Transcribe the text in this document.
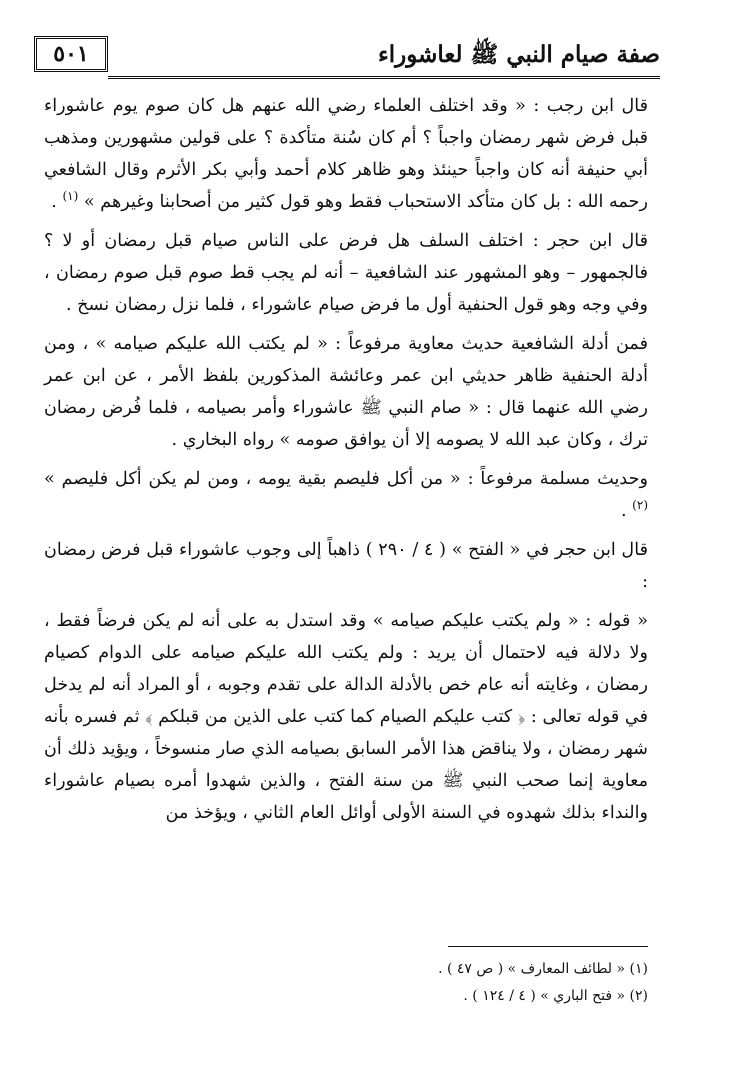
٥٠١	صفة صيام النبي ﷺ لعاشوراء

قال ابن رجب : « وقد اختلف العلماء رضي الله عنهم هل كان صوم يوم عاشوراء قبل فرض شهر رمضان واجباً ؟ أم كان سُنة متأكدة ؟ على قولين مشهورين ومذهب أبي حنيفة أنه كان واجباً حينئذ وهو ظاهر كلام أحمد وأبي بكر الأثرم وقال الشافعي رحمه الله : بل كان متأكد الاستحباب فقط وهو قول كثير من أصحابنا وغيرهم » $^{(١)}$ .

قال ابن حجر : اختلف السلف هل فرض على الناس صيام قبل رمضان أو لا ؟ فالجمهور – وهو المشهور عند الشافعية – أنه لم يجب قط صوم قبل صوم رمضان ، وفي وجه وهو قول الحنفية أول ما فرض صيام عاشوراء ، فلما نزل رمضان نسخ .

فمن أدلة الشافعية حديث معاوية مرفوعاً : « لم يكتب الله عليكم صيامه » ، ومن أدلة الحنفية ظاهر حديثي ابن عمر وعائشة المذكورين بلفظ الأمر ، عن ابن عمر رضي الله عنهما قال : « صام النبي ﷺ عاشوراء وأمر بصيامه ، فلما فُرض رمضان ترك ، وكان عبد الله لا يصومه إلا أن يوافق صومه » رواه البخاري .

وحديث مسلمة مرفوعاً : « من أكل فليصم بقية يومه ، ومن لم يكن أكل فليصم » $^{(٢)}$ .

قال ابن حجر في « الفتح » ( ٤ / ٢٩٠ ) ذاهباً إلى وجوب عاشوراء قبل فرض رمضان :

« قوله : « ولم يكتب عليكم صيامه » وقد استدل به على أنه لم يكن فرضاً فقط ، ولا دلالة فيه لاحتمال أن يريد : ولم يكتب الله عليكم صيامه على الدوام كصيام رمضان ، وغايته أنه عام خص بالأدلة الدالة على تقدم وجوبه ، أو المراد أنه لم يدخل في قوله تعالى : ﴿ كتب عليكم الصيام كما كتب على الذين من قبلكم ﴾ ثم فسره بأنه شهر رمضان ، ولا يناقض هذا الأمر السابق بصيامه الذي صار منسوخاً ، ويؤيد ذلك أن معاوية إنما صحب النبي ﷺ من سنة الفتح ، والذين شهدوا أمره بصيام عاشوراء والنداء بذلك شهدوه في السنة الأولى أوائل العام الثاني ، ويؤخذ من

(١) « لطائف المعارف » ( ص ٤٧ ) .
(٢) « فتح الباري » ( ٤ / ١٢٤ ) .
